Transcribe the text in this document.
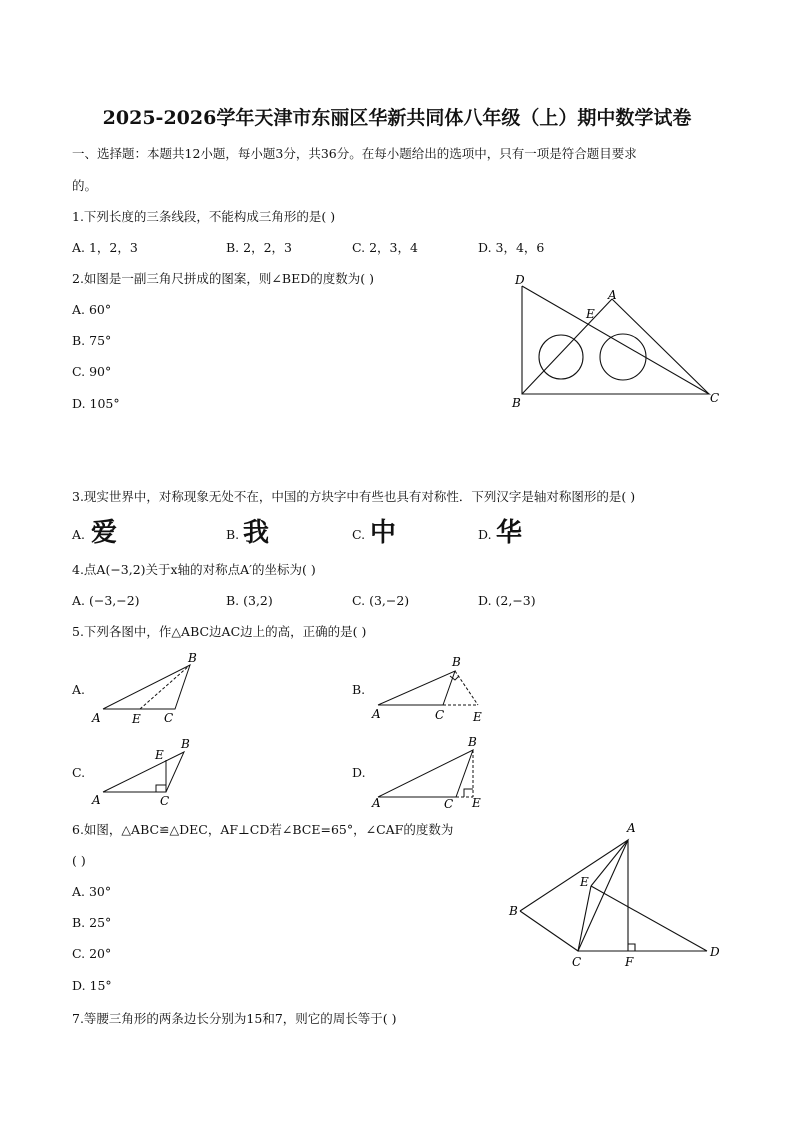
2025-2026学年天津市东丽区华新共同体八年级（上）期中数学试卷
一、选择题：本题共12小题，每小题3分，共36分。在每小题给出的选项中，只有一项是符合题目要求
的。
1.下列长度的三条线段，不能构成三角形的是( )
A. 1，2，3	B. 2，2，3	C. 2，3，4	D. 3，4，6
2.如图是一副三角尺拼成的图案，则∠BED的度数为( )
A. 60°
B. 75°
C. 90°
D. 105°
D
A
E
B	C
3.现实世界中，对称现象无处不在，中国的方块字中有些也具有对称性．下列汉字是轴对称图形的是( )
A. 爱	B. 我	C. 中	D. 华
4.点A(−3,2)关于x轴的对称点A′的坐标为( )
A. (−3,−2)	B. (3,2)	C. (3,−2)	D. (2,−3)
5.下列各图中，作△ABC边AC边上的高，正确的是( )
A.	B.
C.	D.
A	E C
B
A	C E
B
A	C
E
B
A	C E
B
6.如图，△ABC≌△DEC，AF⊥CD若∠BCE=65°，∠CAF的度数为
( )
A. 30°
B. 25°
C. 20°
D. 15°
A
E
B
C	F
D
7.等腰三角形的两条边长分别为15和7，则它的周长等于( )
